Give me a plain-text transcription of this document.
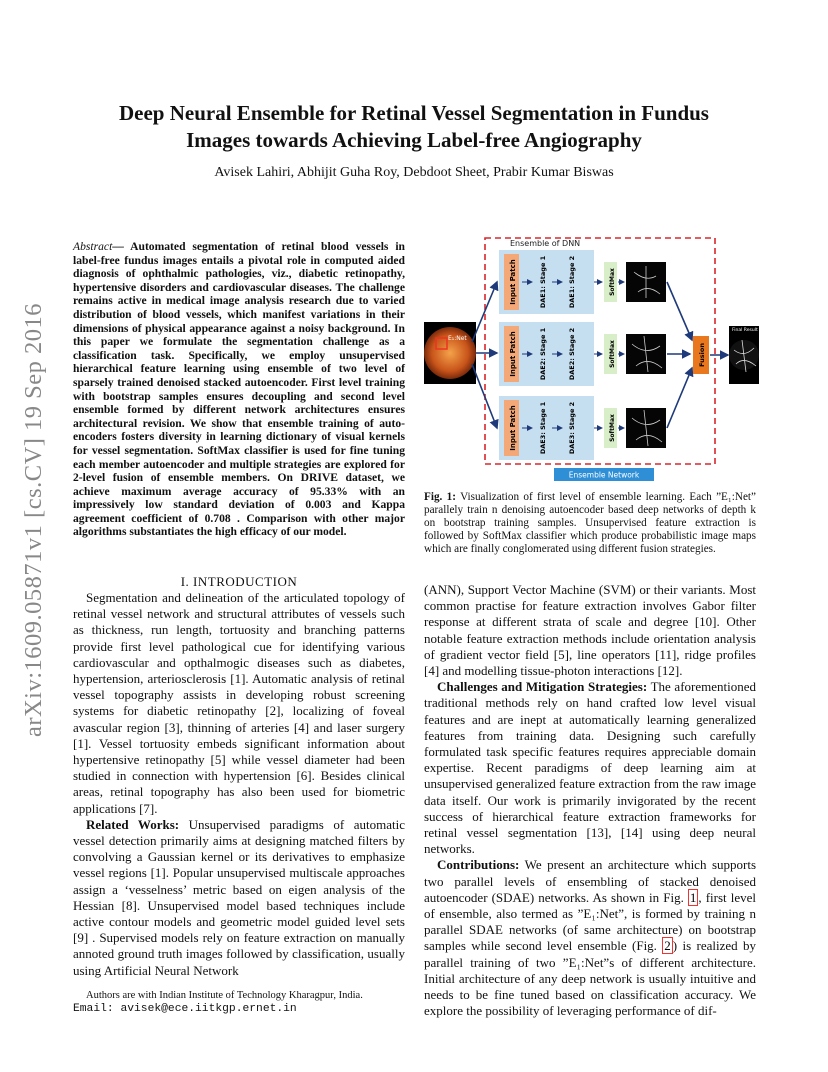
arXiv:1609.05871v1 [cs.CV] 19 Sep 2016
Deep Neural Ensemble for Retinal Vessel Segmentation in Fundus
Images towards Achieving Label-free Angiography
Avisek Lahiri, Abhijit Guha Roy, Debdoot Sheet, Prabir Kumar Biswas
Abstract— Automated segmentation of retinal blood vessels in label-free fundus images entails a pivotal role in computed aided diagnosis of ophthalmic pathologies, viz., diabetic retinopathy, hypertensive disorders and cardiovascular diseases. The challenge remains active in medical image analysis research due to varied distribution of blood vessels, which manifest variations in their dimensions of physical appearance against a noisy background. In this paper we formulate the segmentation challenge as a classification task. Specifically, we employ unsupervised hierarchical feature learning using ensemble of two level of sparsely trained denoised stacked autoencoder. First level training with bootstrap samples ensures decoupling and second level ensemble formed by different network architectures ensures architectural revision. We show that ensemble training of auto-encoders fosters diversity in learning dictionary of visual kernels for vessel segmentation. SoftMax classifier is used for fine tuning each member autoencoder and multiple strategies are explored for 2-level fusion of ensemble members. On DRIVE dataset, we achieve maximum average accuracy of 95.33% with an impressively low standard deviation of 0.003 and Kappa agreement coefficient of 0.708 . Comparison with other major algorithms substantiates the high efficacy of our model.
I. INTRODUCTION

Segmentation and delineation of the articulated topology of retinal vessel network and structural attributes of vessels such as thickness, run length, tortuosity and branching patterns provide first level pathological cue for identifying various cardiovascular and opthalmogic diseases such as diabetes, hypertension, arteriosclerosis [1]. Automatic analysis of retinal vessel topography assists in developing robust screening systems for diabetic retinopathy [2], localizing of foveal avascular region [3], thinning of arteries [4] and laser surgery [1]. Vessel tortuosity embeds significant information about hypertensive retinopathy [5] while vessel diameter had been studied in connection with hypertension [6]. Besides clinical areas, retinal topography has also been used for biometric applications [7].

Related Works: Unsupervised paradigms of automatic vessel detection primarily aims at designing matched filters by convolving a Gaussian kernel or its derivatives to emphasize vessel regions [1]. Popular unsupervised multiscale approaches assign a ‘vesselness’ metric based on eigen analysis of the Hessian [8]. Unsupervised model based techniques include active contour models and geometric model guided level sets [9] . Supervised models rely on feature extraction on manually annoted ground truth images followed by classification, usually using Artificial Neural Network

Authors are with Indian Institute of Technology Kharagpur, India.
Email: avisek@ece.iitkgp.ernet.in
Ensemble of DNN
E₁:Net
Input Patch	DAE1: Stage 1	DAE1: Stage 2	SoftMax
Input Patch	DAE2: Stage 1	DAE2: Stage 2	SoftMax
Input Patch	DAE3: Stage 1	DAE3: Stage 2	SoftMax
Fusion
Final Result
Ensemble Network
Fig. 1: Visualization of first level of ensemble learning. Each ”E₁:Net” parallely train n denoising autoencoder based deep networks of depth k on bootstrap training samples. Unsupervised feature extraction is followed by SoftMax classifier which produce probabilistic image maps which are finally conglomerated using different fusion strategies.

(ANN), Support Vector Machine (SVM) or their variants. Most common practise for feature extraction involves Gabor filter response at different strata of scale and degree [10]. Other notable feature extraction methods include orientation analysis of gradient vector field [5], line operators [11], ridge profiles [4] and modelling tissue-photon interactions [12].

Challenges and Mitigation Strategies: The aforementioned traditional methods rely on hand crafted low level visual features and are inept at automatically learning generalized features from training data. Designing such carefully formulated task specific features requires appreciable domain expertise. Recent paradigms of deep learning aim at unsupervised generalized feature extraction from the raw image data itself. Our work is primarily invigorated by the recent success of hierarchical feature extraction frameworks for retinal vessel segmentation [13], [14] using deep neural networks.

Contributions: We present an architecture which supports two parallel levels of ensembling of stacked denoised autoencoder (SDAE) networks. As shown in Fig. 1 , first level of ensemble, also termed as ”E₁:Net”, is formed by training n parallel SDAE networks (of same architecture) on bootstrap samples while second level ensemble (Fig. 2 ) is realized by parallel training of two ”E₁:Net”s of different architecture. Initial architecture of any deep network is usually intuitive and needs to be fine tuned based on classification accuracy. We explore the possibility of leveraging performance of dif-
